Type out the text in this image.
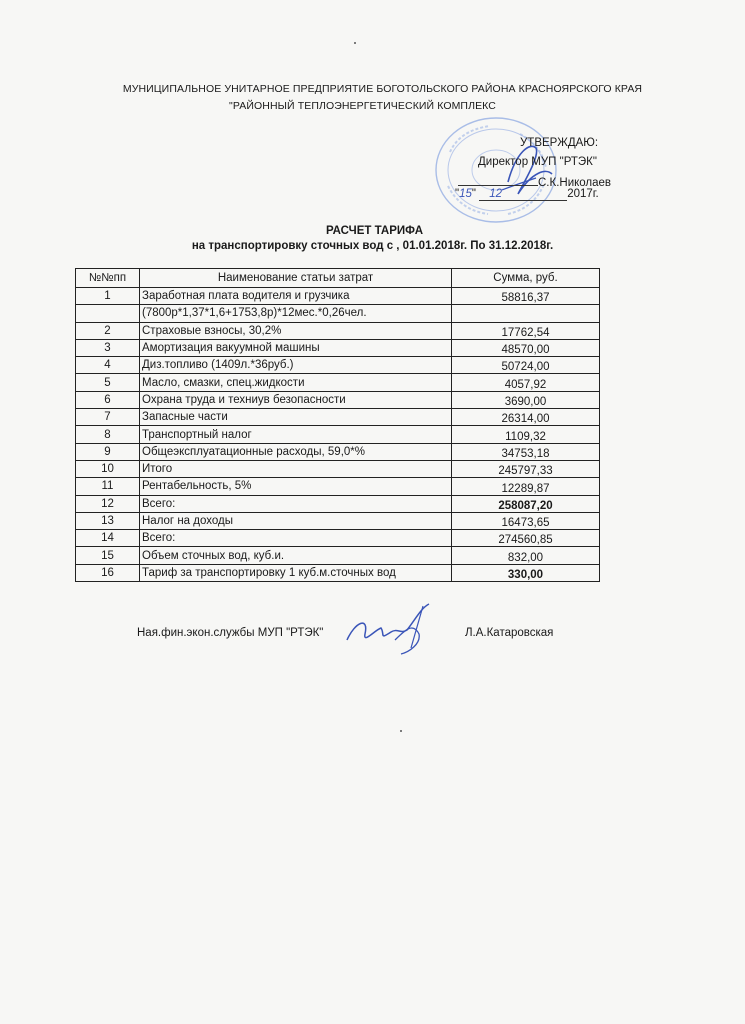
МУНИЦИПАЛЬНОЕ УНИТАРНОЕ ПРЕДПРИЯТИЕ БОГОТОЛЬСКОГО РАЙОНА КРАСНОЯРСКОГО КРАЯ
"РАЙОННЫЙ ТЕПЛОЭНЕРГЕТИЧЕСКИЙ КОМПЛЕКС
УТВЕРЖДАЮ:
Директор МУП "РТЭК"
С.К.Николаев
"15" 12	2017г.
РАСЧЕТ ТАРИФА
на транспортировку сточных вод с , 01.01.2018г. По 31.12.2018г.
№№пп	Наименование статьи затрат	Сумма, руб.
1	Заработная плата водителя и грузчика	58816,37
	(7800р*1,37*1,6+1753,8р)*12мес.*0,26чел.	
2	Страховые взносы, 30,2%	17762,54
3	Амортизация вакуумной машины	48570,00
4	Диз.топливо (1409л.*36руб.)	50724,00
5	Масло, смазки, спец.жидкости	4057,92
6	Охрана труда и техниув безопасности	3690,00
7	Запасные части	26314,00
8	Транспортный налог	1109,32
9	Общеэксплуатационные расходы, 59,0*%	34753,18
10	Итого	245797,33
11	Рентабельность, 5%	12289,87
12	Всего:	258087,20
13	Налог на доходы	16473,65
14	Всего:	274560,85
15	Объем сточных вод, куб.и.	832,00
16	Тариф за транспортировку 1 куб.м.сточных вод	330,00
Ная.фин.экон.службы МУП "РТЭК"	Л.А.Катаровская
